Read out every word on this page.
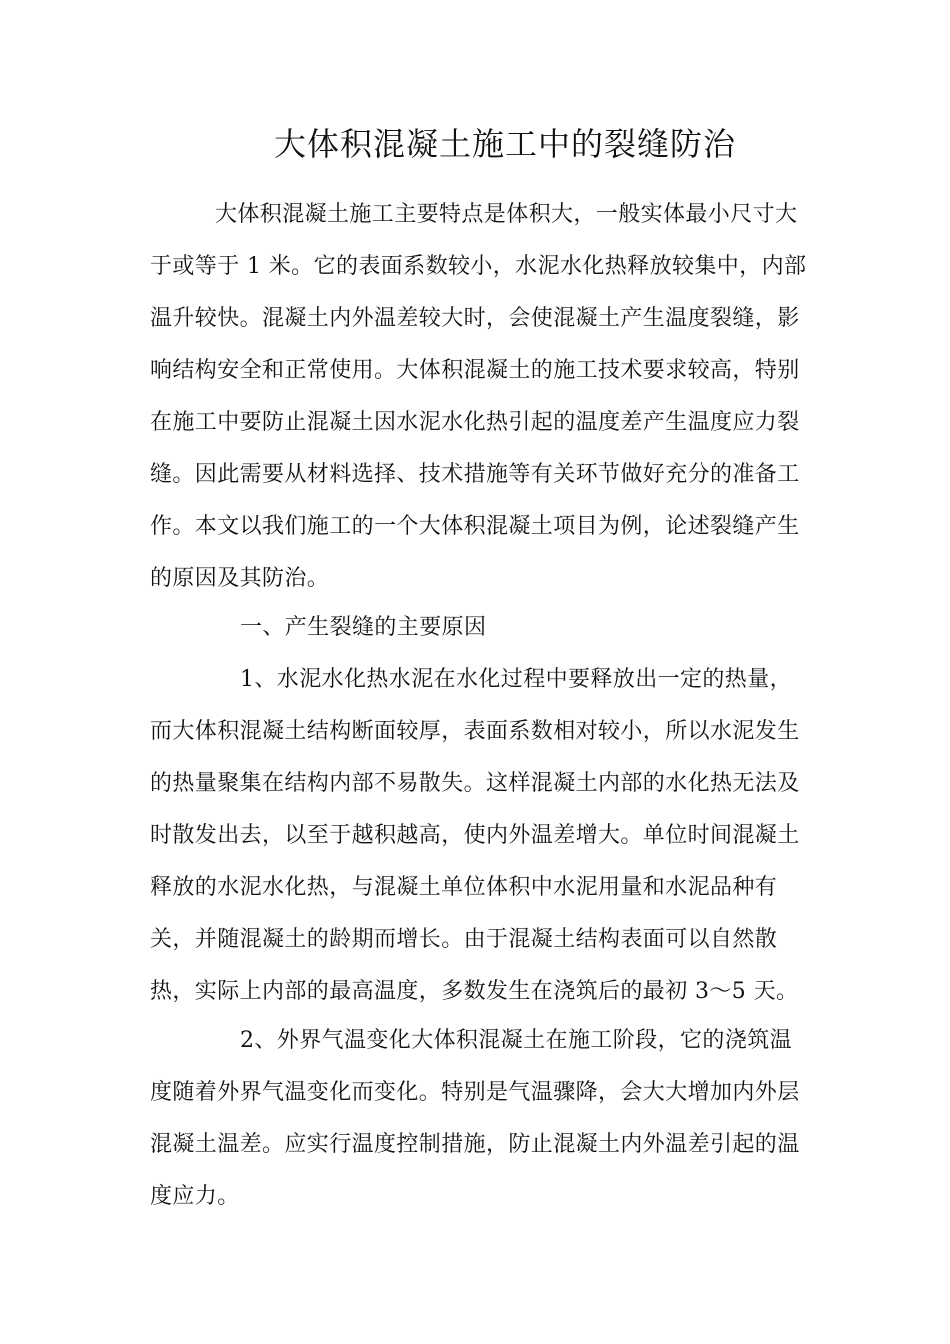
大体积混凝土施工中的裂缝防治
大体积混凝土施工主要特点是体积大，一般实体最小尺寸大
于或等于 1 米。它的表面系数较小，水泥水化热释放较集中，内部
温升较快。混凝土内外温差较大时，会使混凝土产生温度裂缝，影
响结构安全和正常使用。大体积混凝土的施工技术要求较高，特别
在施工中要防止混凝土因水泥水化热引起的温度差产生温度应力裂
缝。因此需要从材料选择、技术措施等有关环节做好充分的准备工
作。本文以我们施工的一个大体积混凝土项目为例，论述裂缝产生
的原因及其防治。
一、产生裂缝的主要原因
1、水泥水化热水泥在水化过程中要释放出一定的热量，
而大体积混凝土结构断面较厚，表面系数相对较小，所以水泥发生
的热量聚集在结构内部不易散失。这样混凝土内部的水化热无法及
时散发出去，以至于越积越高，使内外温差增大。单位时间混凝土
释放的水泥水化热，与混凝土单位体积中水泥用量和水泥品种有
关，并随混凝土的龄期而增长。由于混凝土结构表面可以自然散
热，实际上内部的最高温度，多数发生在浇筑后的最初 3～5 天。
2、外界气温变化大体积混凝土在施工阶段，它的浇筑温
度随着外界气温变化而变化。特别是气温骤降，会大大增加内外层
混凝土温差。应实行温度控制措施，防止混凝土内外温差引起的温
度应力。
